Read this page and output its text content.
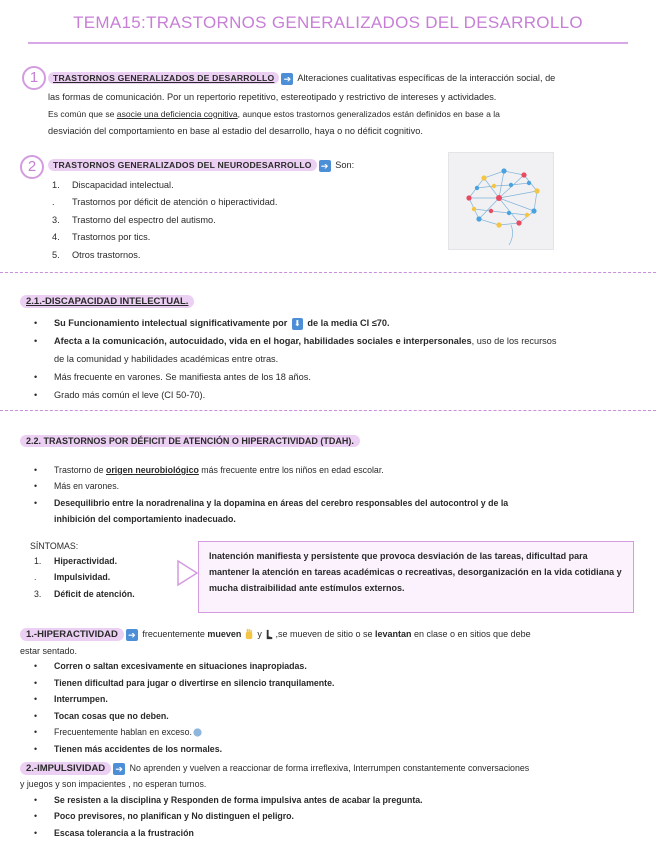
TEMA15:TRASTORNOS GENERALIZADOS DEL DESARROLLO
1	TRASTORNOS GENERALIZADOS DE DESARROLLO ➔ Alteraciones cualitativas específicas de la interacción social, de
las formas de comunicación. Por un repertorio repetitivo, estereotipado y restrictivo de intereses y actividades.
Es común que se asocie una deficiencia cognitiva, aunque estos trastornos generalizados están definidos en base a la
desviación del comportamiento en base al estadio del desarrollo, haya o no déficit cognitivo.
2	TRASTORNOS GENERALIZADOS DEL NEURODESARROLLO ➔ Son:
1. Discapacidad intelectual.
. Trastornos por déficit de atención o hiperactividad.
3. Trastorno del espectro del autismo.
4. Trastornos por tics.
5. Otros trastornos.
2.1.-DISCAPACIDAD INTELECTUAL.
• Su Funcionamiento intelectual significativamente por ⬇ de la media CI ≤70.
• Afecta a la comunicación, autocuidado, vida en el hogar, habilidades sociales e interpersonales, uso de los recursos
de la comunidad y habilidades académicas entre otras.
• Más frecuente en varones. Se manifiesta antes de los 18 años.
• Grado más común el leve (CI 50-70).
2.2. TRASTORNOS POR DÉFICIT DE ATENCIÓN O HIPERACTIVIDAD (TDAH).
• Trastorno de origen neurobiológico más frecuente entre los niños en edad escolar.
• Más en varones.
• Desequilibrio entre la noradrenalina y la dopamina en áreas del cerebro responsables del autocontrol y de la
inhibición del comportamiento inadecuado.
SÍNTOMAS:
1. Hiperactividad.
. Impulsividad.
3. Déficit de atención.
Inatención manifiesta y persistente que provoca desviación de las tareas, dificultad para mantener la atención en tareas académicas o recreativas, desorganización en la vida cotidiana y mucha distraibilidad ante estímulos externos.
1.-HIPERACTIVIDAD ➔ frecuentemente mueven  y ,se mueven de sitio o se levantan en clase o en sitios que debe
estar sentado.
• Corren o saltan excesivamente en situaciones inapropiadas.
• Tienen dificultad para jugar o divertirse en silencio tranquilamente.
• Interrumpen.
• Tocan cosas que no deben.
• Frecuentemente hablan en exceso.
• Tienen más accidentes de los normales.
2.-IMPULSIVIDAD ➔ No aprenden y vuelven a reaccionar de forma irreflexiva, Interrumpen constantemente conversaciones
y juegos y son impacientes , no esperan turnos.
• Se resisten a la disciplina y Responden de forma impulsiva antes de acabar la pregunta.
• Poco previsores, no planifican y No distinguen el peligro.
• Escasa tolerancia a la frustración
